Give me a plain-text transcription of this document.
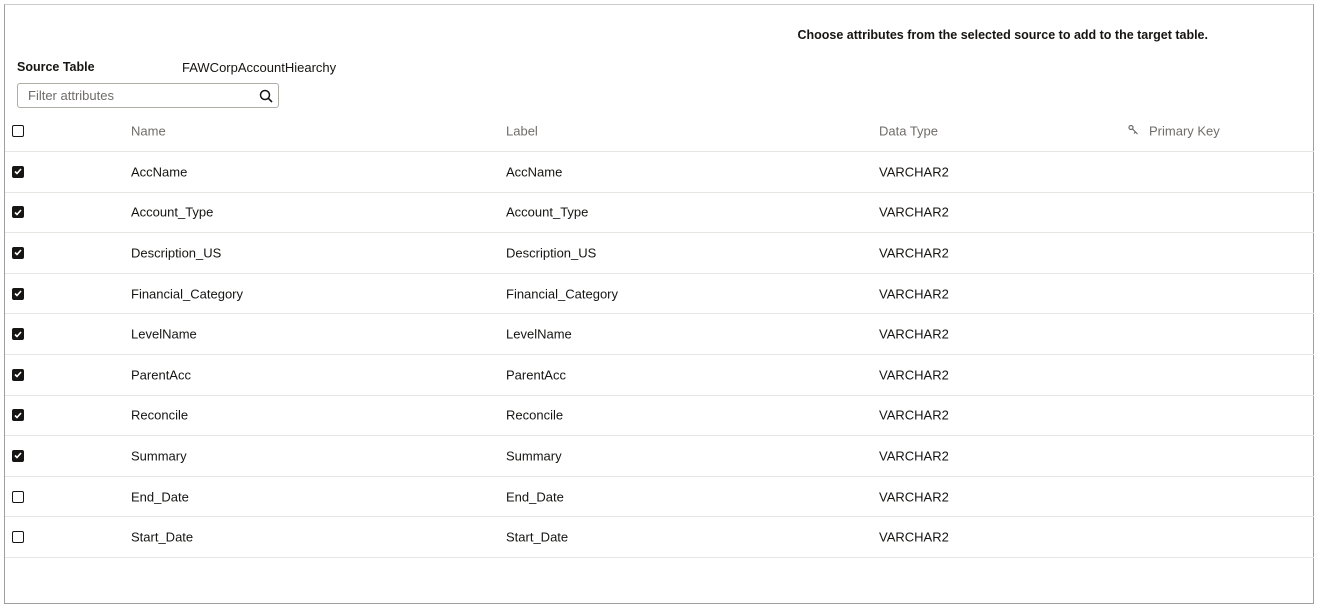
Choose attributes from the selected source to add to the target table.
Source Table	FAWCorpAccountHiearchy
Filter attributes
Name	Label	Data Type	Primary Key
AccName	AccName	VARCHAR2
Account_Type	Account_Type	VARCHAR2
Description_US	Description_US	VARCHAR2
Financial_Category	Financial_Category	VARCHAR2
LevelName	LevelName	VARCHAR2
ParentAcc	ParentAcc	VARCHAR2
Reconcile	Reconcile	VARCHAR2
Summary	Summary	VARCHAR2
End_Date	End_Date	VARCHAR2
Start_Date	Start_Date	VARCHAR2
